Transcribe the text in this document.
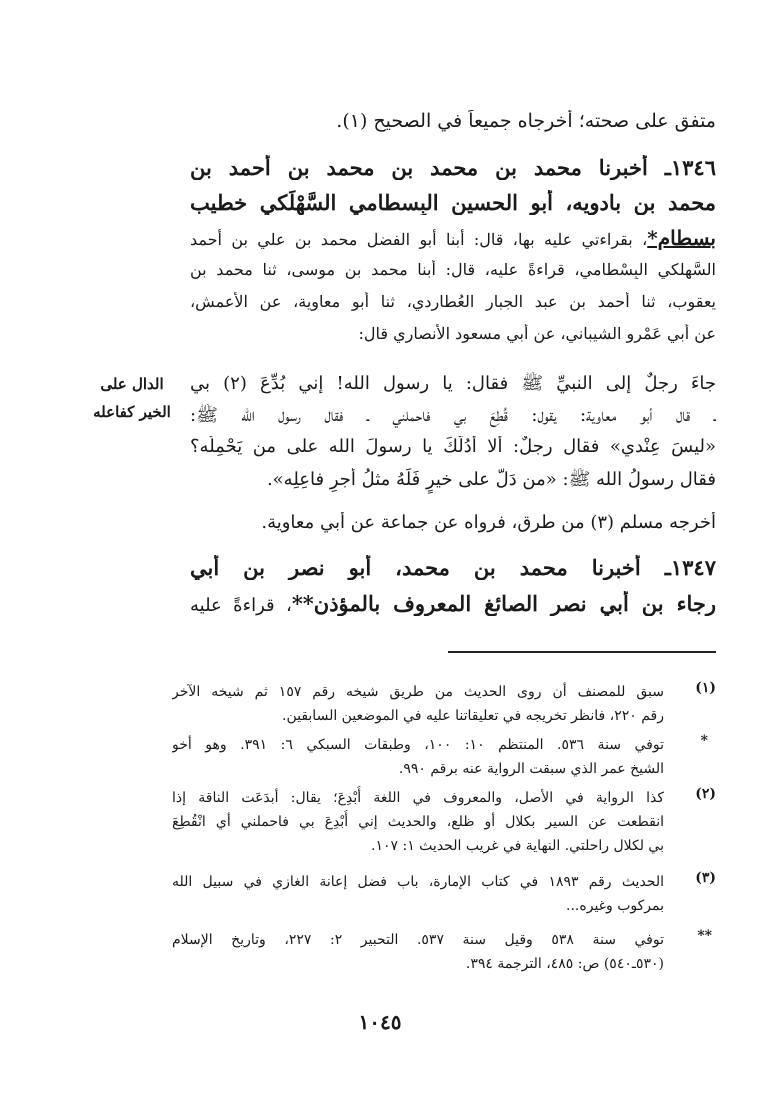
متفق على صحته؛ أخرجاه جميعاً في الصحيح (١).
١٣٤٦ـ أخبرنا محمد بن محمد بن محمد بن أحمد بن
محمد بن بادويه، أبو الحسين البِسطامي السَّهْلَكي خطيب
بسطام*، بقراءتي عليه بها، قال: أبنا أبو الفضل محمد بن علي بن أحمد
السَّهلكي البِسْطامي، قراءةً عليه، قال: أبنا محمد بن موسى، ثنا محمد بن
يعقوب، ثنا أحمد بن عبد الجبار العُطاردي، ثنا أبو معاوية، عن الأعمش،
عن أبي عَمْرو الشيباني، عن أبي مسعود الأنصاري قال:
جاءَ رجلٌ إلى النبيِّ ﷺ فقال: يا رسول الله! إني بُدِّعَ (٢) بي
ـ قال أبو معاوية: يقول: قُطِعَ بي فاحملني ـ فقال رسول الله ﷺ:
«ليسَ عِنْدي» فقال رجلٌ: ألا أَدُلُّكَ يا رسولَ الله على من يَحْمِلُه؟
فقال رسولُ الله ﷺ: «من دَلَّ على خيرٍ فَلَهُ مثلُ أجرِ فاعِلِه».
أخرجه مسلم (٣) من طرق، فرواه عن جماعة عن أبي معاوية.
١٣٤٧ـ أخبرنا محمد بن محمد، أبو نصر بن أبي
رجاء بن أبي نصر الصائغ المعروف بالمؤذن**، قراءةً عليه
الدال على
الخير كفاعله
(١)
سبق للمصنف أن روى الحديث من طريق شيخه رقم ١٥٧ ثم شيخه الآخر
رقم ٢٢٠، فانظر تخريجه في تعليقاتنا عليه في الموضعين السابقين.
*
توفي سنة ٥٣٦. المنتظم ١٠: ١٠٠، وطبقات السبكي ٦: ٣٩١. وهو أخو
الشيخ عمر الذي سبقت الرواية عنه برقم ٩٩٠.
(٢)
كذا الرواية في الأصل، والمعروف في اللغة أُبْدِعَ؛ يقال: أبدَعَت الناقة إذا
انقطعت عن السير بكلال أو ظلع، والحديث إني أُبْدِعَ بي فاحملني أي انْقُطِعَ
بي لكلال راحلتي. النهاية في غريب الحديث ١: ١٠٧.
(٣)
الحديث رقم ١٨٩٣ في كتاب الإمارة، باب فضل إعانة الغازي في سبيل الله
بمركوب وغيره...
**
توفي سنة ٥٣٨ وقيل سنة ٥٣٧. التحبير ٢: ٢٢٧، وتاريخ الإسلام
(٥٣٠ـ٥٤٠) ص: ٤٨٥، الترجمة ٣٩٤.
١٠٤٥
